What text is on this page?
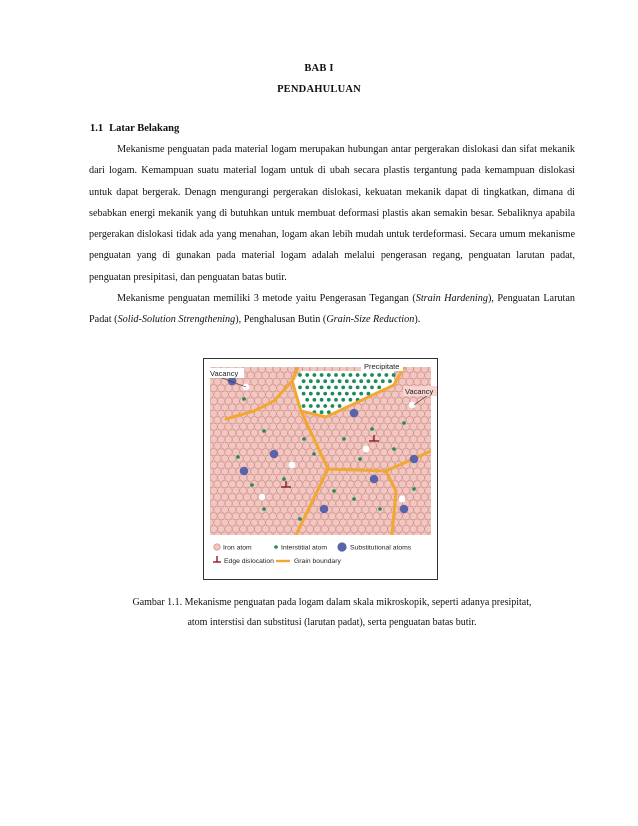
BAB I
PENDAHULUAN
1.1 Latar Belakang

Mekanisme penguatan pada material logam merupakan hubungan antar pergerakan dislokasi dan sifat mekanik dari logam. Kemampuan suatu material logam untuk di ubah secara plastis tergantung pada kemampuan dislokasi untuk dapat bergerak. Denagn mengurangi pergerakan dislokasi, kekuatan mekanik dapat di tingkatkan, dimana di sebabkan energi mekanik yang di butuhkan untuk membuat deformasi plastis akan semakin besar. Sebaliknya apabila pergerakan dislokasi tidak ada yang menahan, logam akan lebih mudah untuk terdeformasi. Secara umum mekanisme penguatan yang di gunakan pada material logam adalah melalui pengerasan regang, penguatan larutan padat, penguatan presipitasi, dan penguatan batas butir.

Mekanisme penguatan memiliki 3 metode yaitu Pengerasan Tegangan (Strain Hardening), Penguatan Larutan Padat (Solid-Solution Strengthening), Penghalusan Butin (Grain-Size Reduction).

Vacancy
Precipitate
Vacancy
Iron atom	Interstitial atom	Substitutional atoms
Edge dislocation	Grain boundary
Gambar 1.1. Mekanisme penguatan pada logam dalam skala mikroskopik, seperti adanya presipitat,
atom interstisi dan substitusi (larutan padat), serta penguatan batas butir.
